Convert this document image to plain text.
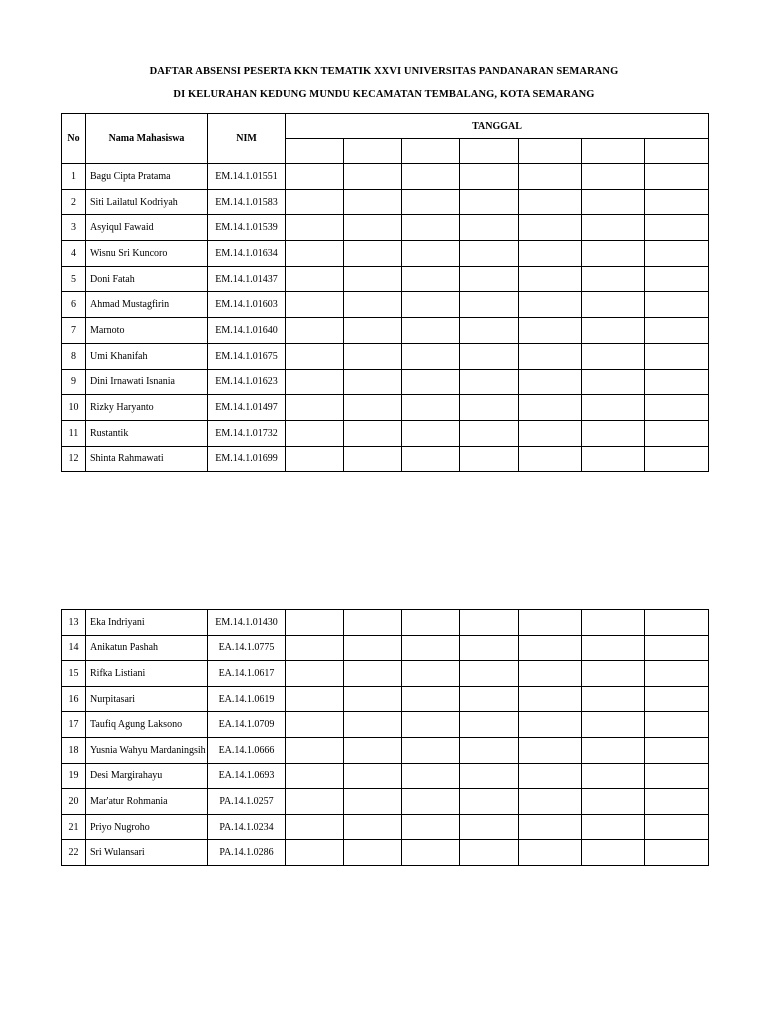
DAFTAR ABSENSI PESERTA KKN TEMATIK XXVI UNIVERSITAS PANDANARAN SEMARANG
DI KELURAHAN KEDUNG MUNDU KECAMATAN TEMBALANG, KOTA SEMARANG
No	Nama Mahasiswa	NIM	TANGGAL						

1	Bagu Cipta Pratama	EM.14.1.01551							
2	Siti Lailatul Kodriyah	EM.14.1.01583							
3	Asyiqul Fawaid	EM.14.1.01539							
4	Wisnu Sri Kuncoro	EM.14.1.01634							
5	Doni Fatah	EM.14.1.01437							
6	Ahmad Mustagfirin	EM.14.1.01603							
7	Marnoto	EM.14.1.01640							
8	Umi Khanifah	EM.14.1.01675							
9	Dini Irnawati Isnania	EM.14.1.01623							
10	Rizky Haryanto	EM.14.1.01497							
11	Rustantik	EM.14.1.01732							
12	Shinta Rahmawati	EM.14.1.01699							
13	Eka Indriyani	EM.14.1.01430							
14	Anikatun Pashah	EA.14.1.0775							
15	Rifka Listiani	EA.14.1.0617							
16	Nurpitasari	EA.14.1.0619							
17	Taufiq Agung Laksono	EA.14.1.0709							
18	Yusnia Wahyu Mardaningsih	EA.14.1.0666							
19	Desi Margirahayu	EA.14.1.0693							
20	Mar'atur Rohmania	PA.14.1.0257							
21	Priyo Nugroho	PA.14.1.0234							
22	Sri Wulansari	PA.14.1.0286							
